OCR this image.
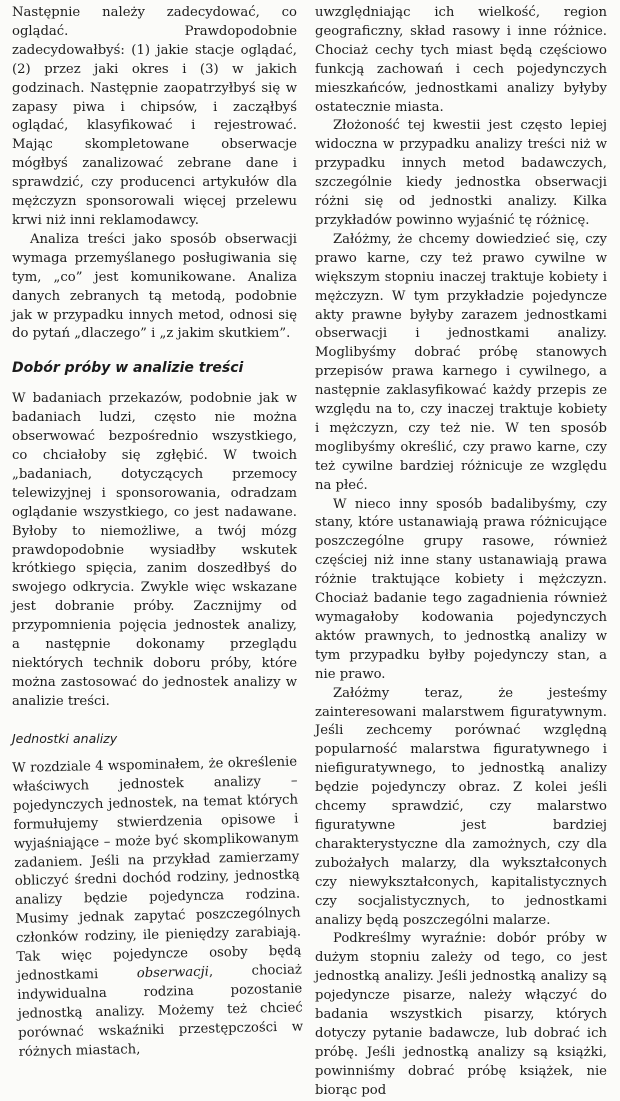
Następnie należy zadecydować, co oglądać. Prawdopodobnie zadecydowałbyś: (1) jakie stacje oglądać, (2) przez jaki okres i (3) w jakich godzinach. Następnie zaopatrzyłbyś się w zapasy piwa i chipsów, i zacząłbyś oglądać, klasyfikować i rejestrować. Mając skompletowane obserwacje mógłbyś zanalizować zebrane dane i sprawdzić, czy producenci artykułów dla mężczyzn sponsorowali więcej przelewu krwi niż inni reklamodawcy.

Analiza treści jako sposób obserwacji wymaga przemyślanego posługiwania się tym, „co” jest komunikowane. Analiza danych zebranych tą metodą, podobnie jak w przypadku innych metod, odnosi się do pytań „dlaczego” i „z jakim skutkiem”.

Dobór próby w analizie treści

W badaniach przekazów, podobnie jak w badaniach ludzi, często nie można obserwować bezpośrednio wszystkiego, co chciałoby się zgłębić. W twoich „badaniach, dotyczących przemocy telewizyjnej i sponsorowania, odradzam oglądanie wszystkiego, co jest nadawane. Byłoby to niemożliwe, a twój mózg prawdopodobnie wysiadłby wskutek krótkiego spięcia, zanim doszedłbyś do swojego odkrycia. Zwykle więc wskazane jest dobranie próby. Zacznijmy od przypomnienia pojęcia jednostek analizy, a następnie dokonamy przeglądu niektórych technik doboru próby, które można zastosować do jednostek analizy w analizie treści.

Jednostki analizy

W rozdziale 4 wspominałem, że określenie właściwych jednostek analizy – pojedynczych jednostek, na temat których formułujemy stwierdzenia opisowe i wyjaśniające – może być skomplikowanym zadaniem. Jeśli na przykład zamierzamy obliczyć średni dochód rodziny, jednostką analizy będzie pojedyncza rodzina. Musimy jednak zapytać poszczególnych członków rodziny, ile pieniędzy zarabiają. Tak więc pojedyncze osoby będą jednostkami	obserwacji, chociaż indywidualna rodzina pozostanie jednostką analizy. Możemy też chcieć porównać wskaźniki przestępczości w różnych miastach,

uwzględniając ich wielkość, region geograficzny, skład rasowy i inne różnice. Chociaż cechy tych miast będą częściowo funkcją zachowań i cech pojedynczych mieszkańców, jednostkami analizy byłyby ostatecznie miasta.

Złożoność tej kwestii jest często lepiej widoczna w przypadku analizy treści niż w przypadku innych metod badawczych, szczególnie kiedy jednostka obserwacji różni się od jednostki analizy. Kilka przykładów powinno wyjaśnić tę różnicę.

Załóżmy, że chcemy dowiedzieć się, czy prawo karne, czy też prawo cywilne w większym stopniu inaczej traktuje kobiety i mężczyzn. W tym przykładzie pojedyncze akty prawne byłyby zarazem jednostkami obserwacji i jednostkami analizy. Moglibyśmy dobrać próbę stanowych przepisów prawa karnego i cywilnego, a następnie zaklasyfikować każdy przepis ze względu na to, czy inaczej traktuje kobiety i mężczyzn, czy też nie. W ten sposób moglibyśmy określić, czy prawo karne, czy też cywilne bardziej różnicuje ze względu na płeć.

W nieco inny sposób badalibyśmy, czy stany, które ustanawiają prawa różnicujące poszczególne grupy rasowe, również częściej niż inne stany ustanawiają prawa różnie traktujące kobiety i mężczyzn. Chociaż badanie tego zagadnienia również wymagałoby kodowania pojedynczych aktów prawnych, to jednostką analizy w tym przypadku byłby pojedynczy stan, a nie prawo.

Załóżmy teraz, że jesteśmy zainteresowani malarstwem figuratywnym. Jeśli zechcemy porównać względną popularność malarstwa figuratywnego i niefiguratywnego, to jednostką analizy będzie pojedynczy obraz. Z kolei jeśli chcemy sprawdzić, czy malarstwo figuratywne jest bardziej charakterystyczne dla zamożnych, czy dla zubożałych malarzy, dla wykształconych czy niewykształconych, kapitalistycznych czy socjalistycznych, to jednostkami analizy będą poszczególni malarze.

Podkreślmy wyraźnie: dobór próby w dużym stopniu zależy od tego, co jest jednostką analizy. Jeśli jednostką analizy są pojedyncze pisarze, należy włączyć do badania wszystkich pisarzy, których dotyczy pytanie badawcze, lub dobrać ich próbę. Jeśli jednostką analizy są książki, powinniśmy dobrać próbę książek, nie biorąc pod
